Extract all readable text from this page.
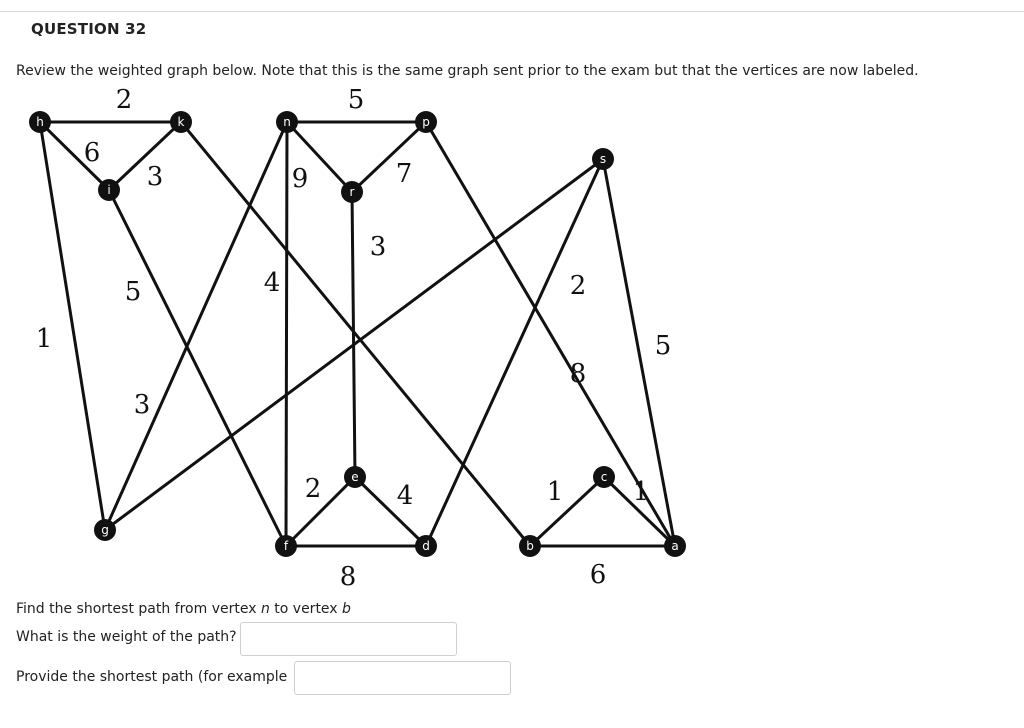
QUESTION 32
Review the weighted graph below. Note that this is the same graph sent prior to the exam but that the vertices are now labeled.
2
6
3
1
5
5
9	7
3
4
3
8
2
5
2	4
8
1	1
6
h	k
i
n	p
r
s
e
g
f	d	b
c
a
Find the shortest path from vertex n to vertex b
What is the weight of the path?
Provide the shortest path (for example
